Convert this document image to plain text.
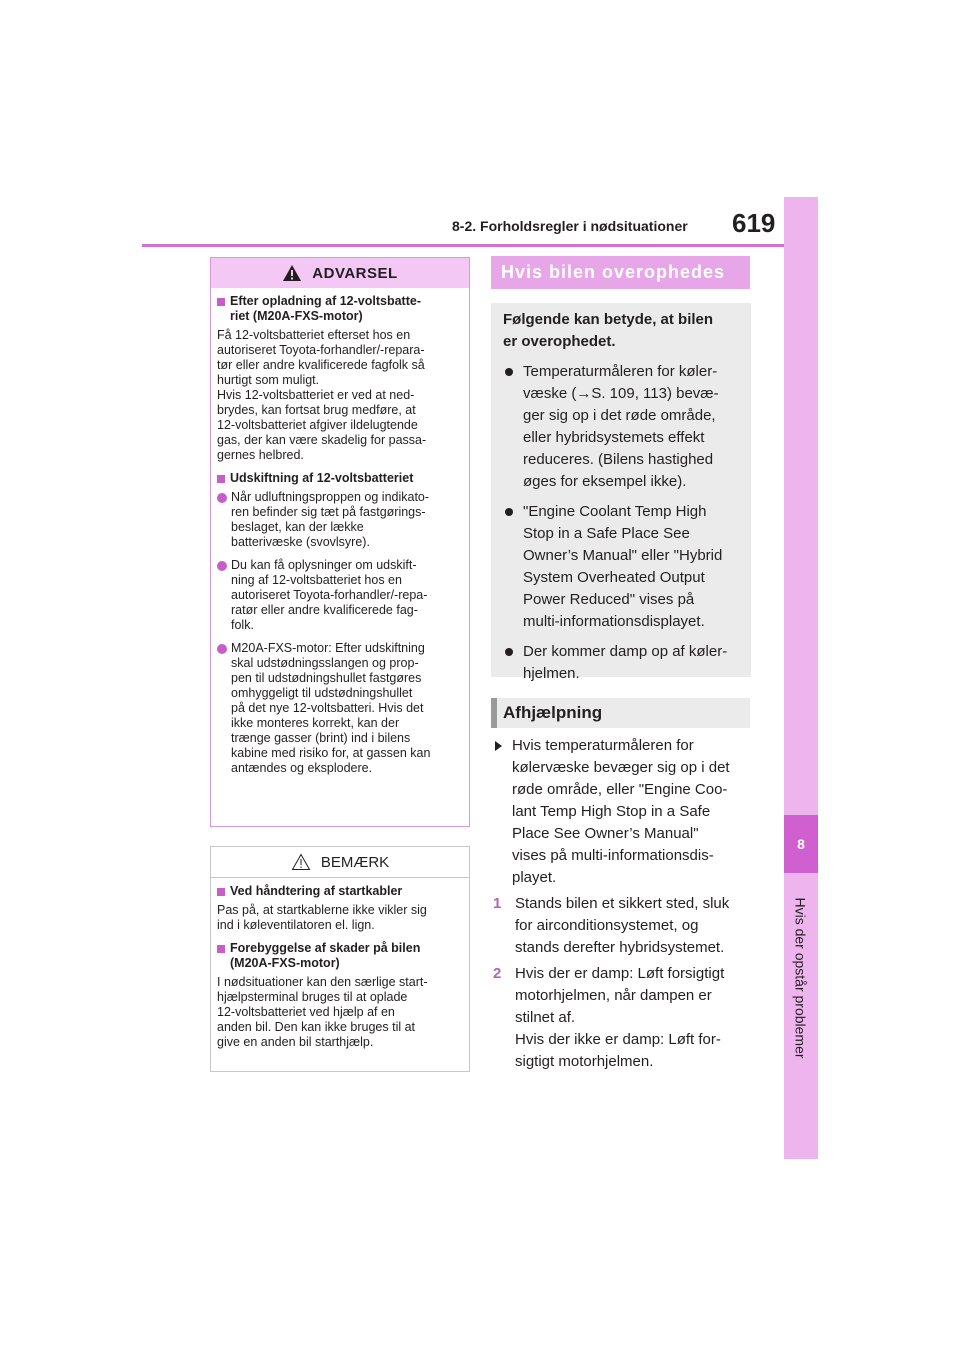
8-2. Forholdsregler i nødsituationer 619
8
Hvis der opstår problemer
ADVARSEL
Efter opladning af 12-voltsbatte-
riet (M20A-FXS-motor)
Få 12-voltsbatteriet efterset hos en
autoriseret Toyota-forhandler/-repara-
tør eller andre kvalificerede fagfolk så
hurtigt som muligt.
Hvis 12-voltsbatteriet er ved at ned-
brydes, kan fortsat brug medføre, at
12-voltsbatteriet afgiver ildelugtende
gas, der kan være skadelig for passa-
gernes helbred.
Udskiftning af 12-voltsbatteriet
Når udluftningsproppen og indikato-
ren befinder sig tæt på fastgørings-
beslaget, kan der lække
batterivæske (svovlsyre).
Du kan få oplysninger om udskift-
ning af 12-voltsbatteriet hos en
autoriseret Toyota-forhandler/-repa-
ratør eller andre kvalificerede fag-
folk.
M20A-FXS-motor: Efter udskiftning
skal udstødningsslangen og prop-
pen til udstødningshullet fastgøres
omhyggeligt til udstødningshullet
på det nye 12-voltsbatteri. Hvis det
ikke monteres korrekt, kan der
trænge gasser (brint) ind i bilens
kabine med risiko for, at gassen kan
antændes og eksplodere.
BEMÆRK
Ved håndtering af startkabler
Pas på, at startkablerne ikke vikler sig
ind i køleventilatoren el. lign.
Forebyggelse af skader på bilen
(M20A-FXS-motor)
I nødsituationer kan den særlige start-
hjælpsterminal bruges til at oplade
12-voltsbatteriet ved hjælp af en
anden bil. Den kan ikke bruges til at
give en anden bil starthjælp.
Hvis bilen overophedes
Følgende kan betyde, at bilen
er overophedet.
Temperaturmåleren for køler-
væske (→S. 109, 113) bevæ-
ger sig op i det røde område,
eller hybridsystemets effekt
reduceres. (Bilens hastighed
øges for eksempel ikke).
"Engine Coolant Temp High
Stop in a Safe Place See
Owner’s Manual" eller "Hybrid
System Overheated Output
Power Reduced" vises på
multi-informationsdisplayet.
Der kommer damp op af køler-
hjelmen.
Afhjælpning
Hvis temperaturmåleren for
kølervæske bevæger sig op i det
røde område, eller "Engine Coo-
lant Temp High Stop in a Safe
Place See Owner’s Manual"
vises på multi-informationsdis-
playet.
1 Stands bilen et sikkert sted, sluk
for airconditionsystemet, og
stands derefter hybridsystemet.
2 Hvis der er damp: Løft forsigtigt
motorhjelmen, når dampen er
stilnet af.
Hvis der ikke er damp: Løft for-
sigtigt motorhjelmen.
